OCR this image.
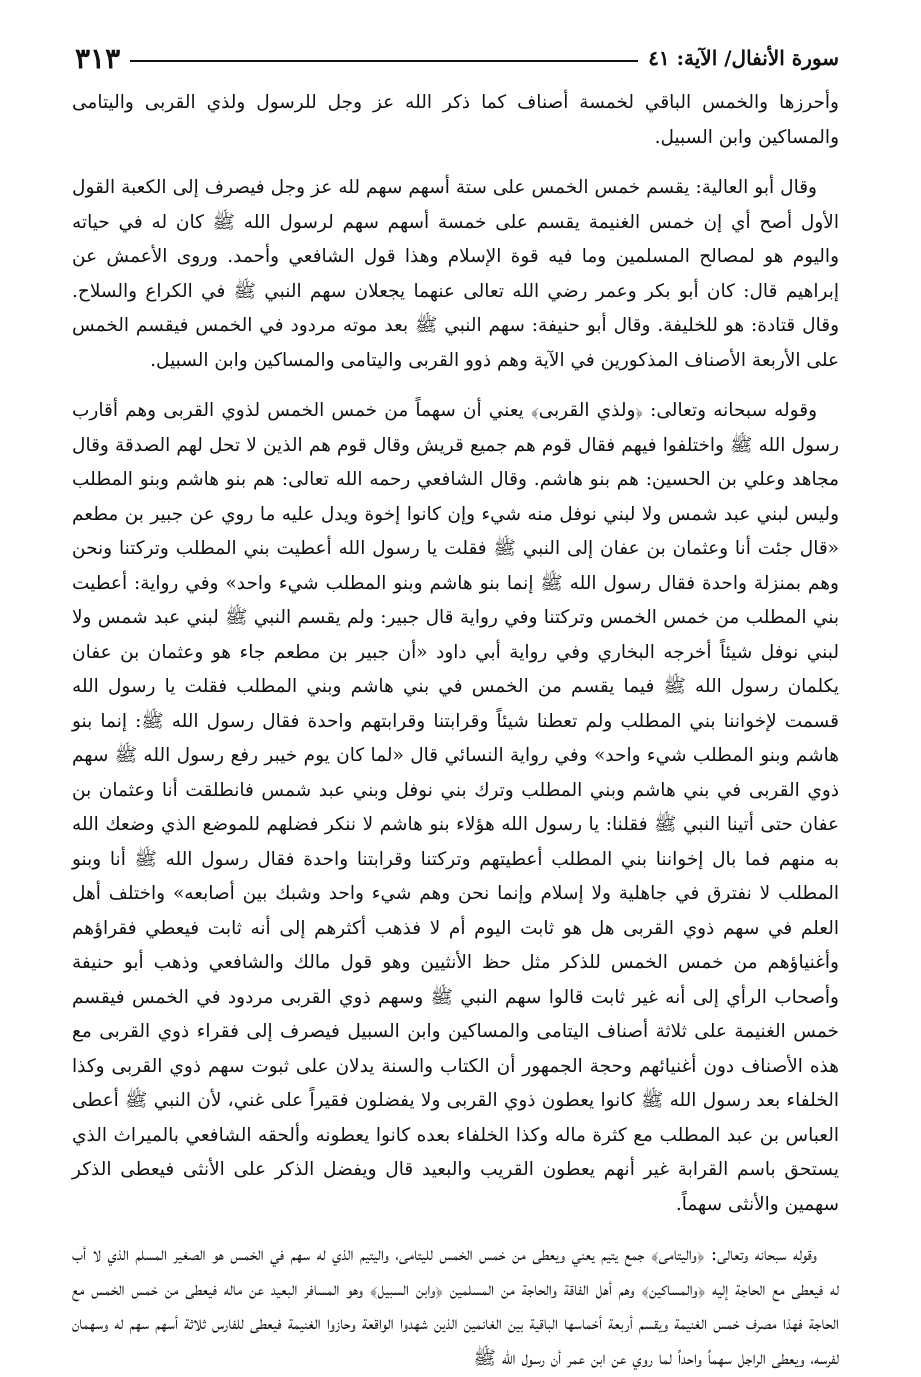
سورة الأنفال/ الآية: ٤١
٣١٣

وأحرزها والخمس الباقي لخمسة أصناف كما ذكر الله عز وجل للرسول ولذي القربى واليتامى والمساكين وابن السبيل.

وقال أبو العالية: يقسم خمس الخمس على ستة أسهم سهم لله عز وجل فيصرف إلى الكعبة القول الأول أصح أي إن خمس الغنيمة يقسم على خمسة أسهم سهم لرسول الله ﷺ كان له في حياته واليوم هو لمصالح المسلمين وما فيه قوة الإسلام وهذا قول الشافعي وأحمد. وروى الأعمش عن إبراهيم قال: كان أبو بكر وعمر رضي الله تعالى عنهما يجعلان سهم النبي ﷺ في الكراع والسلاح. وقال قتادة: هو للخليفة. وقال أبو حنيفة: سهم النبي ﷺ بعد موته مردود في الخمس فيقسم الخمس على الأربعة الأصناف المذكورين في الآية وهم ذوو القربى واليتامى والمساكين وابن السبيل.

وقوله سبحانه وتعالى: ﴿ولذي القربى﴾ يعني أن سهماً من خمس الخمس لذوي القربى وهم أقارب رسول الله ﷺ واختلفوا فيهم فقال قوم هم جميع قريش وقال قوم هم الذين لا تحل لهم الصدقة وقال مجاهد وعلي بن الحسين: هم بنو هاشم. وقال الشافعي رحمه الله تعالى: هم بنو هاشم وبنو المطلب وليس لبني عبد شمس ولا لبني نوفل منه شيء وإن كانوا إخوة ويدل عليه ما روي عن جبير بن مطعم «قال جئت أنا وعثمان بن عفان إلى النبي ﷺ فقلت يا رسول الله أعطيت بني المطلب وتركتنا ونحن وهم بمنزلة واحدة فقال رسول الله ﷺ إنما بنو هاشم وبنو المطلب شيء واحد» وفي رواية: أعطيت بني المطلب من خمس الخمس وتركتنا وفي رواية قال جبير: ولم يقسم النبي ﷺ لبني عبد شمس ولا لبني نوفل شيئاً أخرجه البخاري وفي رواية أبي داود «أن جبير بن مطعم جاء هو وعثمان بن عفان يكلمان رسول الله ﷺ فيما يقسم من الخمس في بني هاشم وبني المطلب فقلت يا رسول الله قسمت لإخواننا بني المطلب ولم تعطنا شيئاً وقرابتنا وقرابتهم واحدة فقال رسول الله ﷺ: إنما بنو هاشم وبنو المطلب شيء واحد» وفي رواية النسائي قال «لما كان يوم خيبر رفع رسول الله ﷺ سهم ذوي القربى في بني هاشم وبني المطلب وترك بني نوفل وبني عبد شمس فانطلقت أنا وعثمان بن عفان حتى أتينا النبي ﷺ فقلنا: يا رسول الله هؤلاء بنو هاشم لا ننكر فضلهم للموضع الذي وضعك الله به منهم فما بال إخواننا بني المطلب أعطيتهم وتركتنا وقرابتنا واحدة فقال رسول الله ﷺ أنا وبنو المطلب لا نفترق في جاهلية ولا إسلام وإنما نحن وهم شيء واحد وشبك بين أصابعه» واختلف أهل العلم في سهم ذوي القربى هل هو ثابت اليوم أم لا فذهب أكثرهم إلى أنه ثابت فيعطي فقراؤهم وأغنياؤهم من خمس الخمس للذكر مثل حظ الأنثيين وهو قول مالك والشافعي وذهب أبو حنيفة وأصحاب الرأي إلى أنه غير ثابت قالوا سهم النبي ﷺ وسهم ذوي القربى مردود في الخمس فيقسم خمس الغنيمة على ثلاثة أصناف اليتامى والمساكين وابن السبيل فيصرف إلى فقراء ذوي القربى مع هذه الأصناف دون أغنيائهم وحجة الجمهور أن الكتاب والسنة يدلان على ثبوت سهم ذوي القربى وكذا الخلفاء بعد رسول الله ﷺ كانوا يعطون ذوي القربى ولا يفضلون فقيراً على غني، لأن النبي ﷺ أعطى العباس بن عبد المطلب مع كثرة ماله وكذا الخلفاء بعده كانوا يعطونه وألحقه الشافعي بالميراث الذي يستحق باسم القرابة غير أنهم يعطون القريب والبعيد قال ويفضل الذكر على الأنثى فيعطى الذكر سهمين والأنثى سهماً.

وقوله سبحانه وتعالى: ﴿واليتامى﴾ جمع يتيم يعني ويعطى من خمس الخمس لليتامى، واليتيم الذي له سهم في الخمس هو الصغير المسلم الذي لا أب له فيعطى مع الحاجة إليه ﴿والمساكين﴾ وهم أهل الفاقة والحاجة من المسلمين ﴿وابن السبيل﴾ وهو المسافر البعيد عن ماله فيعطى من خمس الخمس مع الحاجة فهذا مصرف خمس الغنيمة ويقسم أربعة أخماسها الباقية بين الغانمين الذين شهدوا الواقعة وحازوا الغنيمة فيعطى للفارس ثلاثة أسهم سهم له وسهمان لفرسه، ويعطى الراجل سهماً واحداً لما روي عن ابن عمر أن رسول الله ﷺ
